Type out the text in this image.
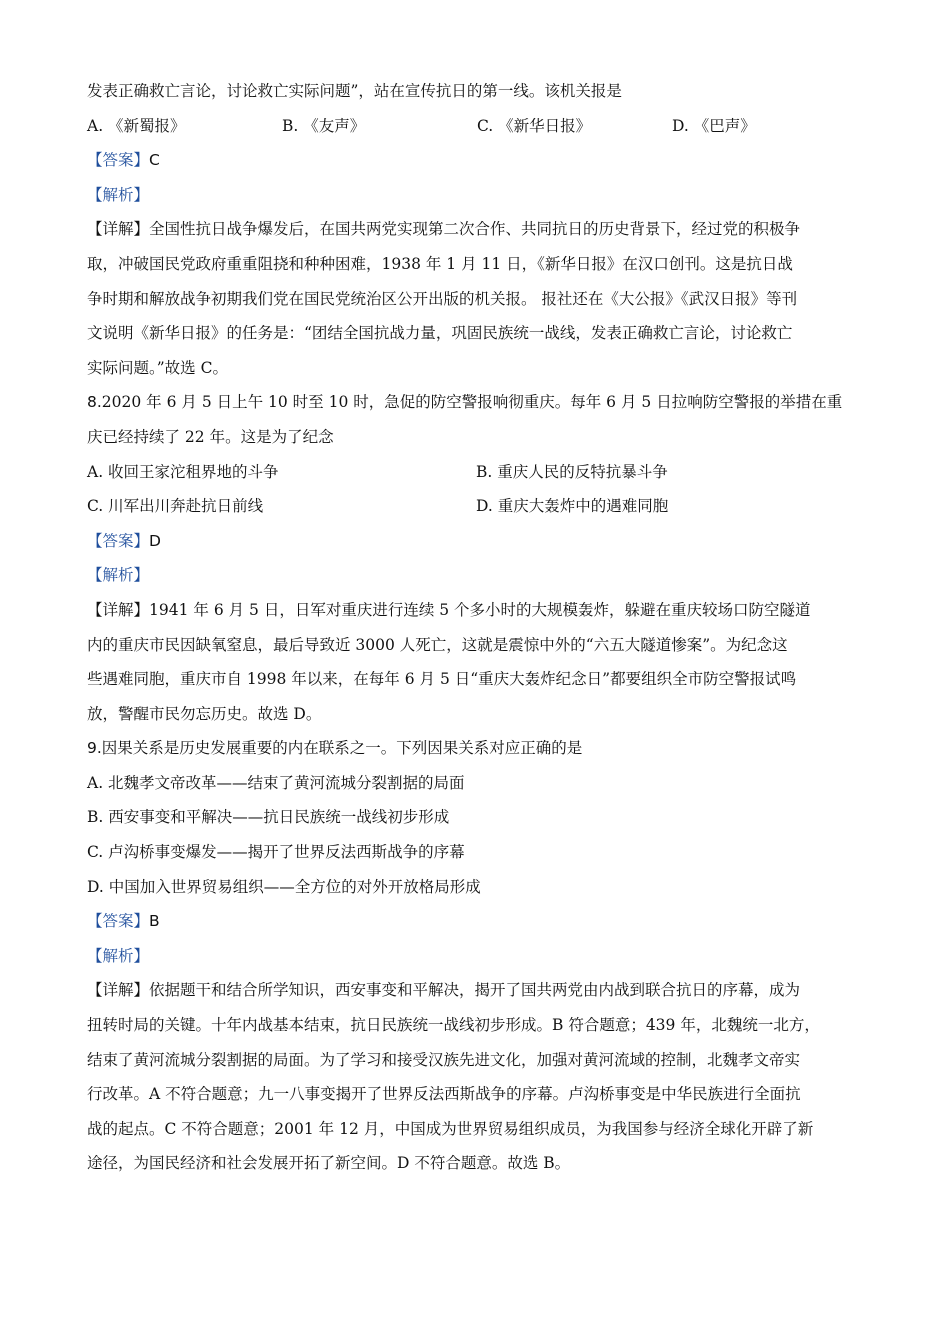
发表正确救亡言论，讨论救亡实际问题”，站在宣传抗日的第一线。该机关报是
A. 《新蜀报》	B. 《友声》	C. 《新华日报》	D. 《巴声》
【答案】C
【解析】
【详解】全国性抗日战争爆发后，在国共两党实现第二次合作、共同抗日的历史背景下，经过党的积极争
取，冲破国民党政府重重阻挠和种种困难，1938 年 1 月 11 日，《新华日报》在汉口创刊。这是抗日战
争时期和解放战争初期我们党在国民党统治区公开出版的机关报。 报社还在《大公报》《武汉日报》等刊
文说明《新华日报》的任务是：“团结全国抗战力量，巩固民族统一战线，发表正确救亡言论，讨论救亡
实际问题。”故选 C。
8.2020 年 6 月 5 日上午 10 时至 10 时，急促的防空警报响彻重庆。每年 6 月 5 日拉响防空警报的举措在重
庆已经持续了 22 年。这是为了纪念
A. 收回王家沱租界地的斗争	B. 重庆人民的反特抗暴斗争
C. 川军出川奔赴抗日前线	D. 重庆大轰炸中的遇难同胞
【答案】D
【解析】
【详解】1941 年 6 月 5 日，日军对重庆进行连续 5 个多小时的大规模轰炸，躲避在重庆较场口防空隧道
内的重庆市民因缺氧窒息，最后导致近 3000 人死亡，这就是震惊中外的“六五大隧道惨案”。为纪念这
些遇难同胞，重庆市自 1998 年以来，在每年 6 月 5 日“重庆大轰炸纪念日”都要组织全市防空警报试鸣
放，警醒市民勿忘历史。故选 D。
9.因果关系是历史发展重要的内在联系之一。下列因果关系对应正确的是
A. 北魏孝文帝改革——结束了黄河流城分裂割据的局面
B. 西安事变和平解决——抗日民族统一战线初步形成
C. 卢沟桥事变爆发——揭开了世界反法西斯战争的序幕
D. 中国加入世界贸易组织——全方位的对外开放格局形成
【答案】B
【解析】
【详解】依据题干和结合所学知识，西安事变和平解决，揭开了国共两党由内战到联合抗日的序幕，成为
扭转时局的关键。十年内战基本结束，抗日民族统一战线初步形成。B 符合题意；439 年，北魏统一北方，
结束了黄河流城分裂割据的局面。为了学习和接受汉族先进文化，加强对黄河流域的控制，北魏孝文帝实
行改革。A 不符合题意；九一八事变揭开了世界反法西斯战争的序幕。卢沟桥事变是中华民族进行全面抗
战的起点。C 不符合题意；2001 年 12 月，中国成为世界贸易组织成员，为我国参与经济全球化开辟了新
途径，为国民经济和社会发展开拓了新空间。D 不符合题意。故选 B。
